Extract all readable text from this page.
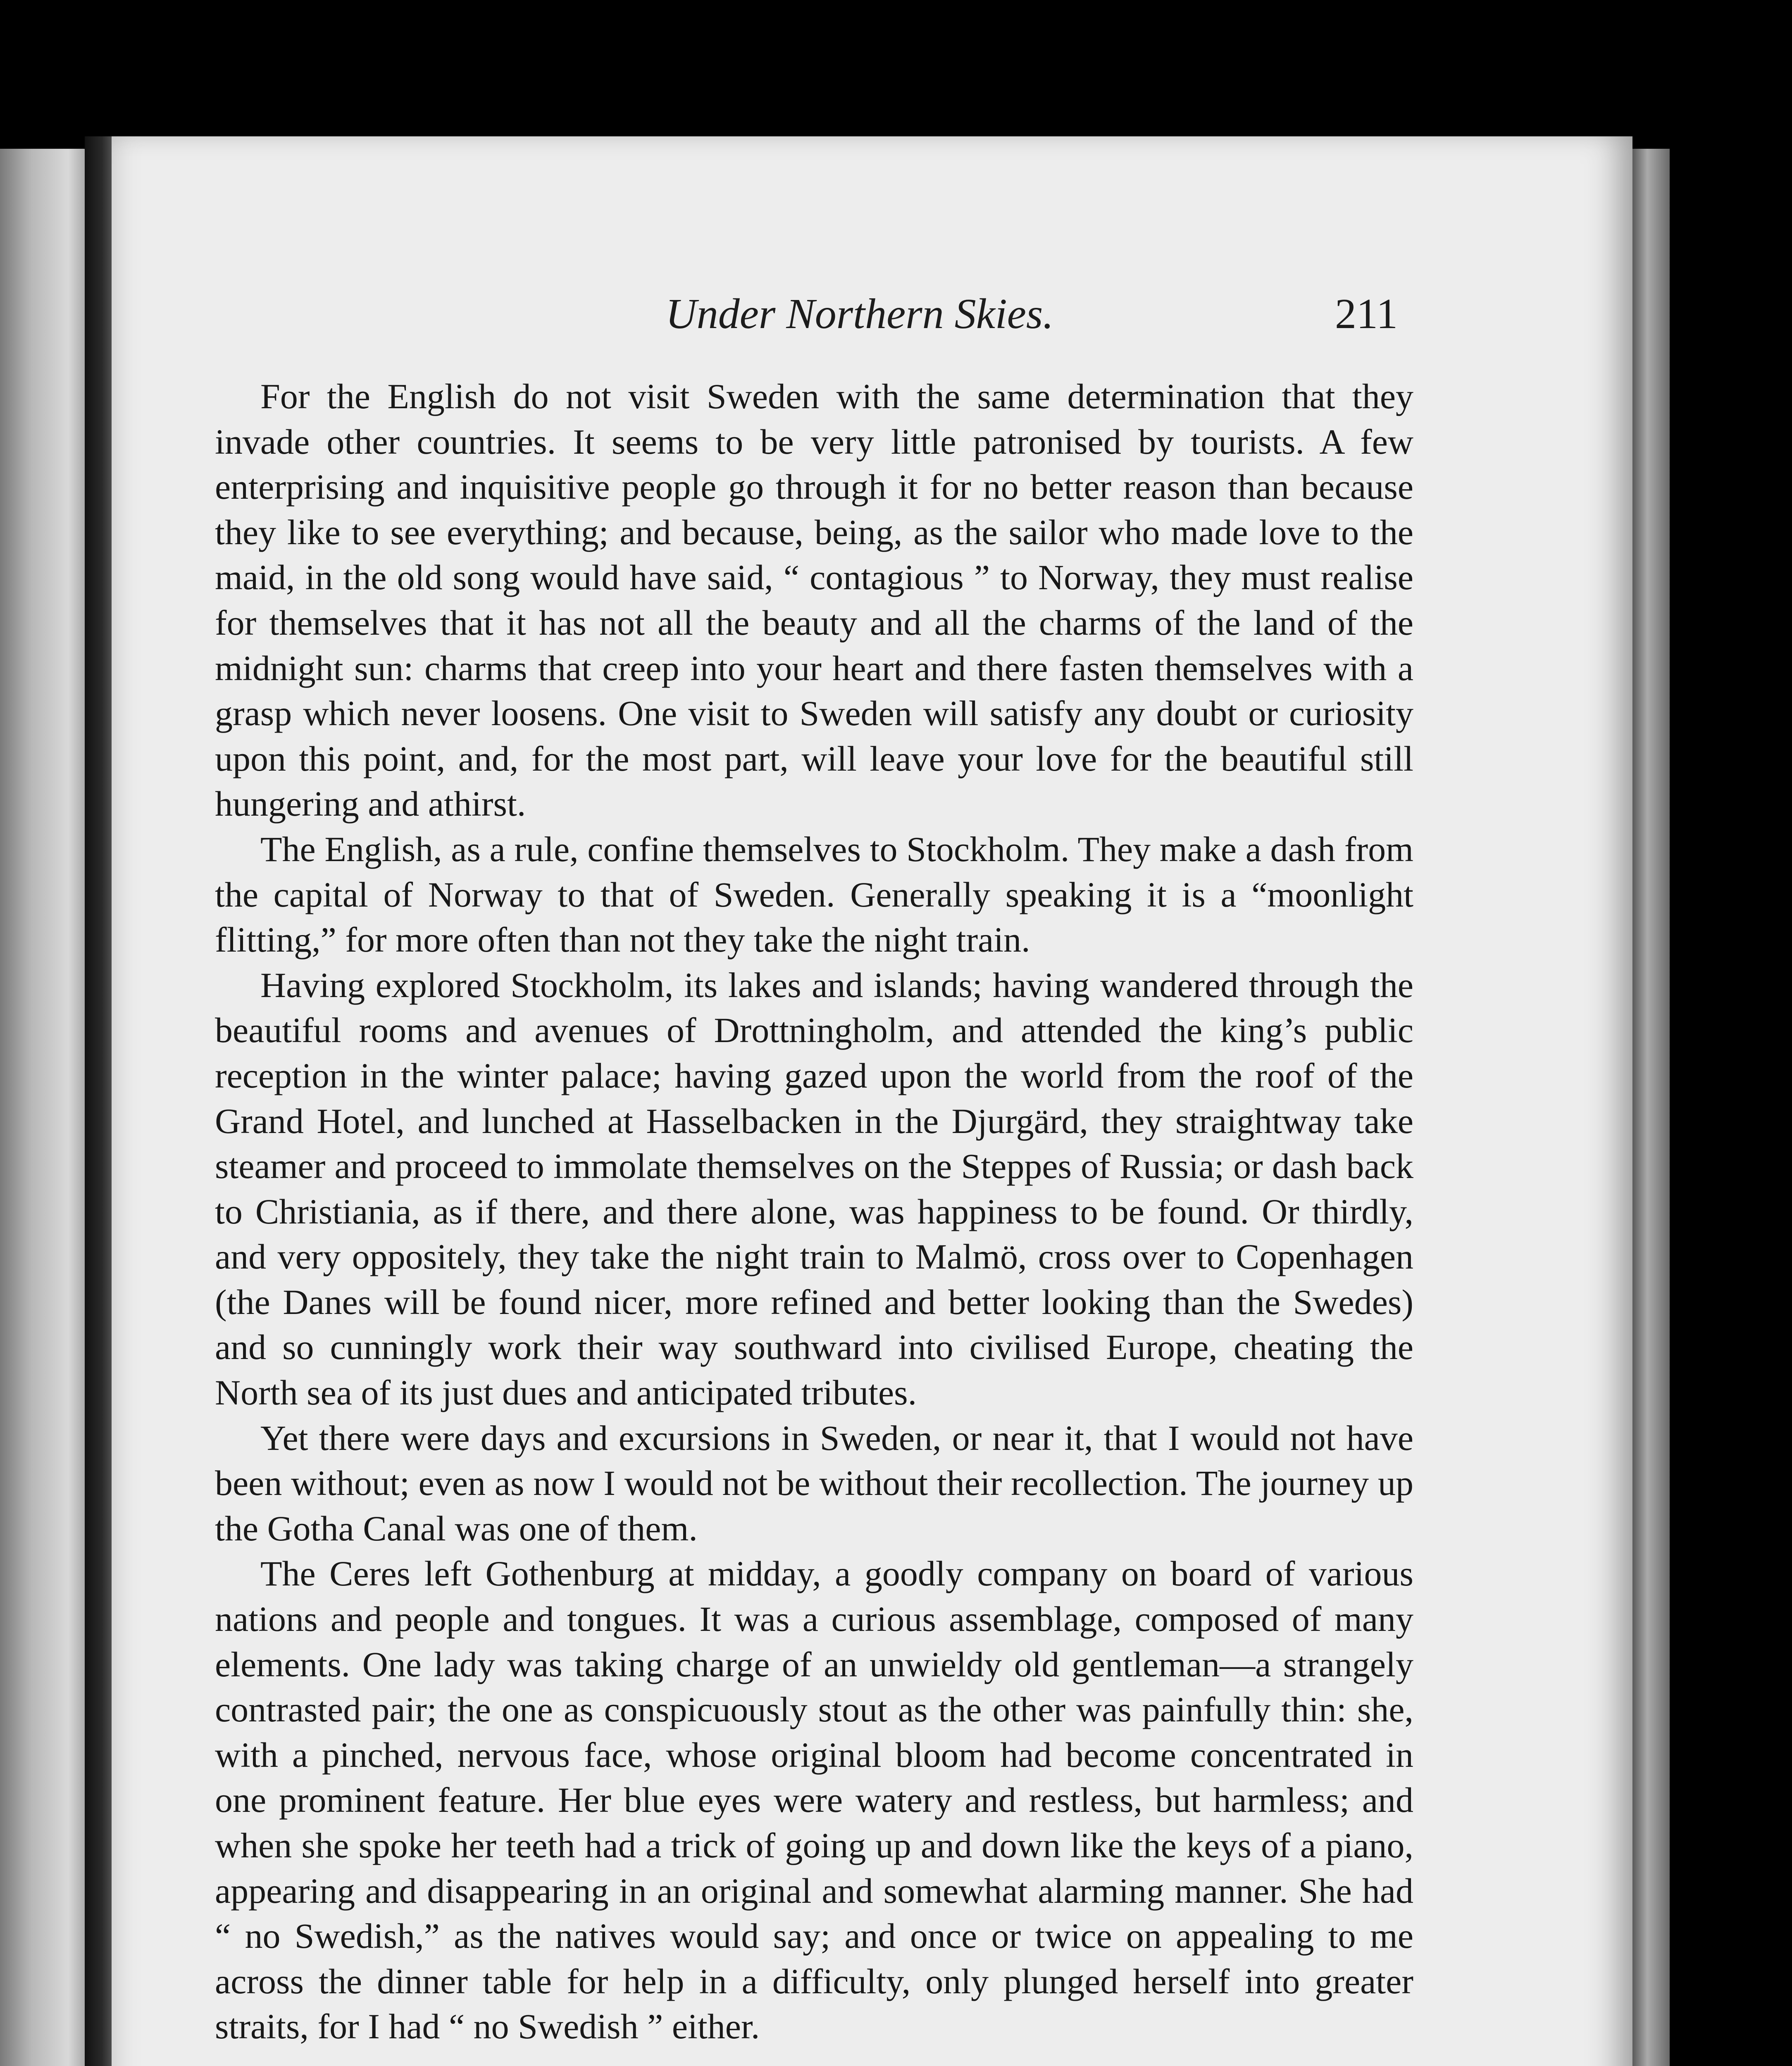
Under Northern Skies.	211

For the English do not visit Sweden with the same determination that they invade other countries. It seems to be very little patronised by tourists. A few enterprising and inquisitive people go through it for no better reason than because they like to see everything; and because, being, as the sailor who made love to the maid, in the old song would have said, “ contagious ” to Norway, they must realise for themselves that it has not all the beauty and all the charms of the land of the midnight sun: charms that creep into your heart and there fasten themselves with a grasp which never loosens. One visit to Sweden will satisfy any doubt or curiosity upon this point, and, for the most part, will leave your love for the beautiful still hungering and athirst.

The English, as a rule, confine themselves to Stockholm. They make a dash from the capital of Norway to that of Sweden. Generally speaking it is a “moonlight flitting,” for more often than not they take the night train.

Having explored Stockholm, its lakes and islands; having wandered through the beautiful rooms and avenues of Drottningholm, and attended the king’s public reception in the winter palace; having gazed upon the world from the roof of the Grand Hotel, and lunched at Hasselbacken in the Djurgärd, they straightway take steamer and proceed to immolate themselves on the Steppes of Russia; or dash back to Christiania, as if there, and there alone, was happiness to be found. Or thirdly, and very oppositely, they take the night train to Malmö, cross over to Copenhagen (the Danes will be found nicer, more refined and better looking than the Swedes) and so cunningly work their way southward into civilised Europe, cheating the North sea of its just dues and anticipated tributes.

Yet there were days and excursions in Sweden, or near it, that I would not have been without; even as now I would not be without their recollection. The journey up the Gotha Canal was one of them.

The Ceres left Gothenburg at midday, a goodly company on board of various nations and people and tongues. It was a curious assemblage, composed of many elements. One lady was taking charge of an unwieldy old gentleman—a strangely contrasted pair; the one as conspicuously stout as the other was painfully thin: she, with a pinched, nervous face, whose original bloom had become concentrated in one prominent feature. Her blue eyes were watery and restless, but harmless; and when she spoke her teeth had a trick of going up and down like the keys of a piano, appearing and disappearing in an original and somewhat alarming manner. She had “ no Swedish,” as the natives would say; and once or twice on appealing to me across the dinner table for help in a difficulty, only plunged herself into greater straits, for I had “ no Swedish ” either.
